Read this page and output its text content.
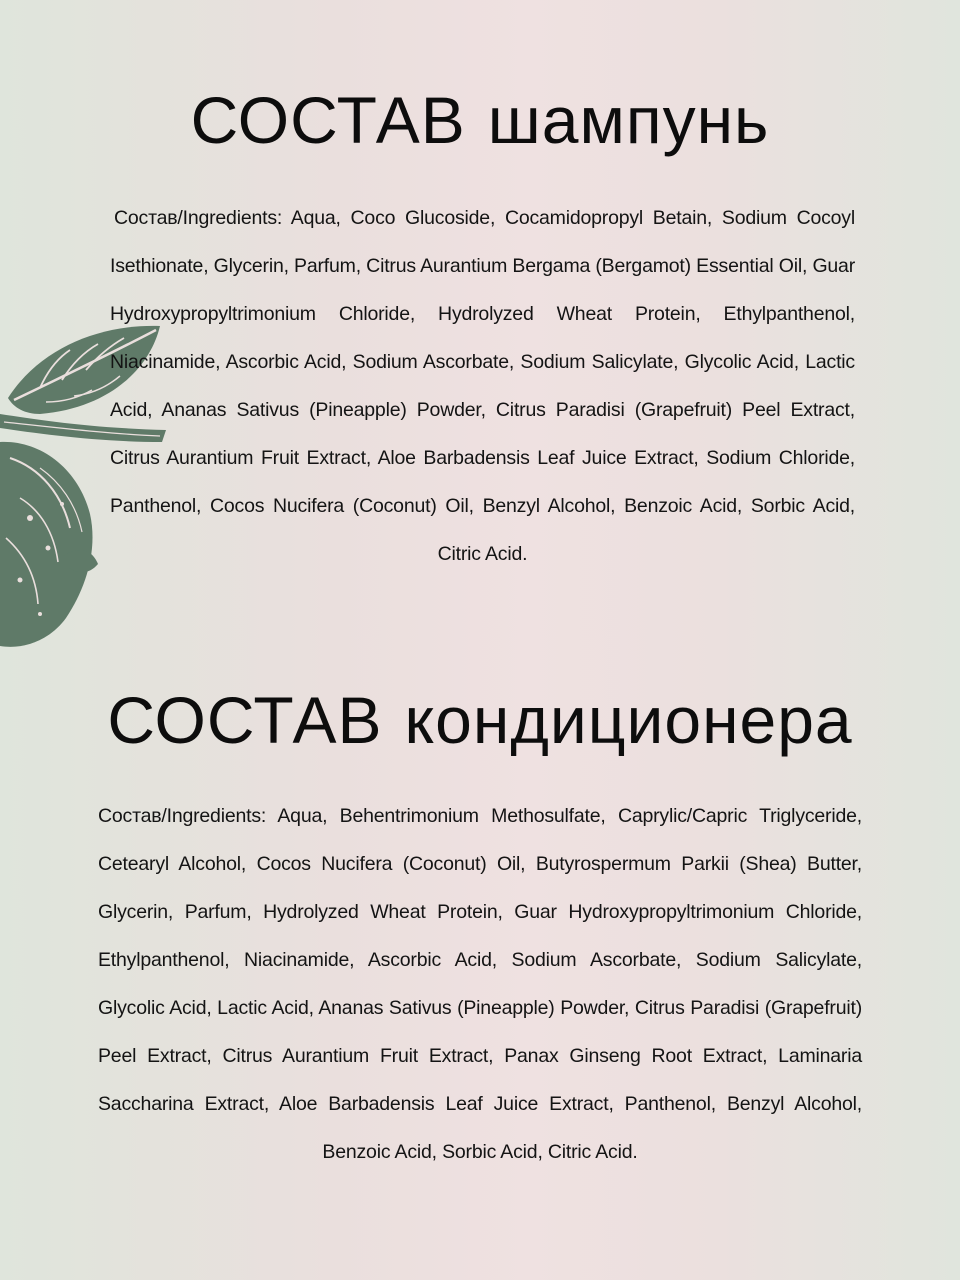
СОСТАВ шампунь

Состав/Ingredients: Aqua, Coco Glucoside, Cocamidopropyl Betain, Sodium Cocoyl Isethionate, Glycerin, Parfum, Citrus Aurantium Bergama (Bergamot) Essential Oil, Guar Hydroxypropyltrimonium Chloride, Hydrolyzed Wheat Protein, Ethylpanthenol, Niacinamide, Ascorbic Acid, Sodium Ascorbate, Sodium Salicylate, Glycolic Acid, Lactic Acid, Ananas Sativus (Pineapple) Powder, Citrus Paradisi (Grapefruit) Peel Extract, Citrus Aurantium Fruit Extract, Aloe Barbadensis Leaf Juice Extract, Sodium Chloride, Panthenol, Cocos Nucifera (Coconut) Oil, Benzyl Alcohol, Benzoic Acid, Sorbic Acid, Citric Acid.

СОСТАВ кондиционера

Состав/Ingredients: Aqua, Behentrimonium Methosulfate, Caprylic/Capric Triglyceride, Cetearyl Alcohol, Cocos Nucifera (Coconut) Oil, Butyrospermum Parkii (Shea) Butter, Glycerin, Parfum, Hydrolyzed Wheat Protein, Guar Hydroxypropyltrimonium Chloride, Ethylpanthenol, Niacinamide, Ascorbic Acid, Sodium Ascorbate, Sodium Salicylate, Glycolic Acid, Lactic Acid, Ananas Sativus (Pineapple) Powder, Citrus Paradisi (Grapefruit) Peel Extract, Citrus Aurantium Fruit Extract, Panax Ginseng Root Extract, Laminaria Saccharina Extract, Aloe Barbadensis Leaf Juice Extract, Panthenol, Benzyl Alcohol, Benzoic Acid, Sorbic Acid, Citric Acid.
